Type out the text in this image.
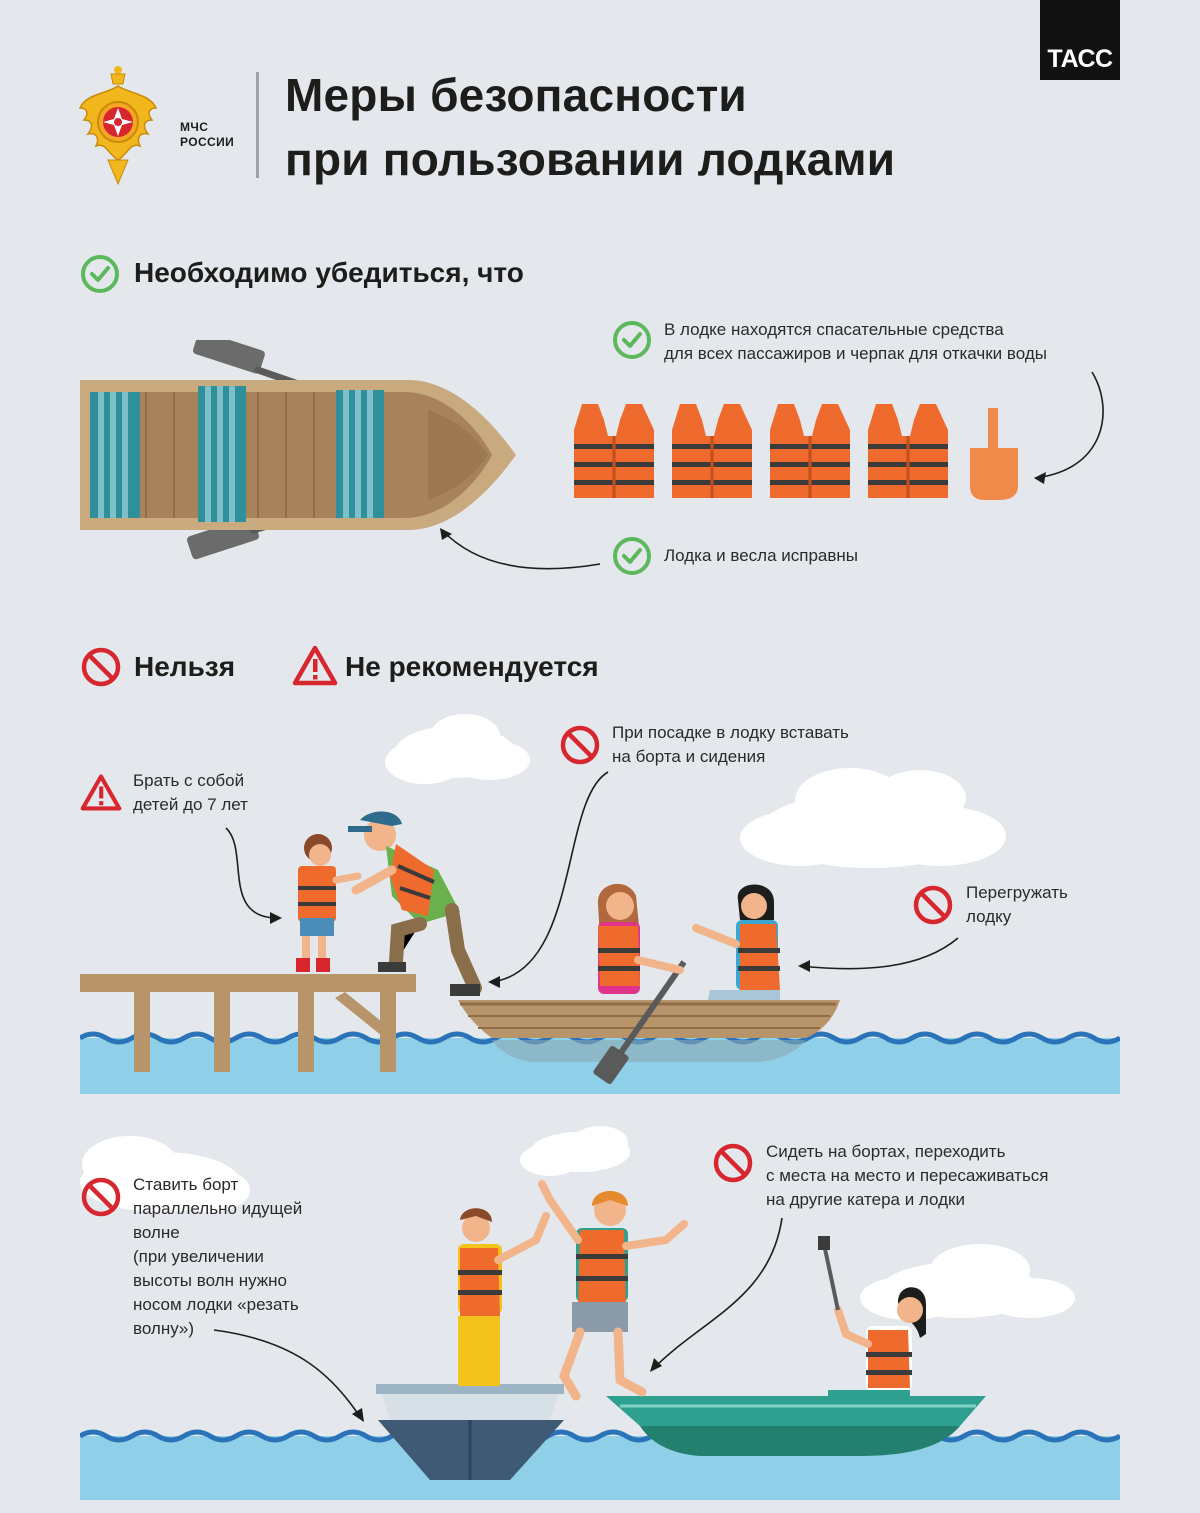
МЧС
РОССИИ
Меры безопасности
при пользовании лодками
ТАСС
Необходимо убедиться, что
В лодке находятся спасательные средства
для всех пассажиров и черпак для откачки воды
Лодка и весла исправны
Нельзя	Не рекомендуется
Брать с собой
детей до 7 лет
При посадке в лодку вставать
на борта и сидения
Перегружать
лодку
Ставить борт
параллельно идущей
волне
(при увеличении
высоты волн нужно
носом лодки «резать
волну»)
Сидеть на бортах, переходить
с места на место и пересаживаться
на другие катера и лодки
